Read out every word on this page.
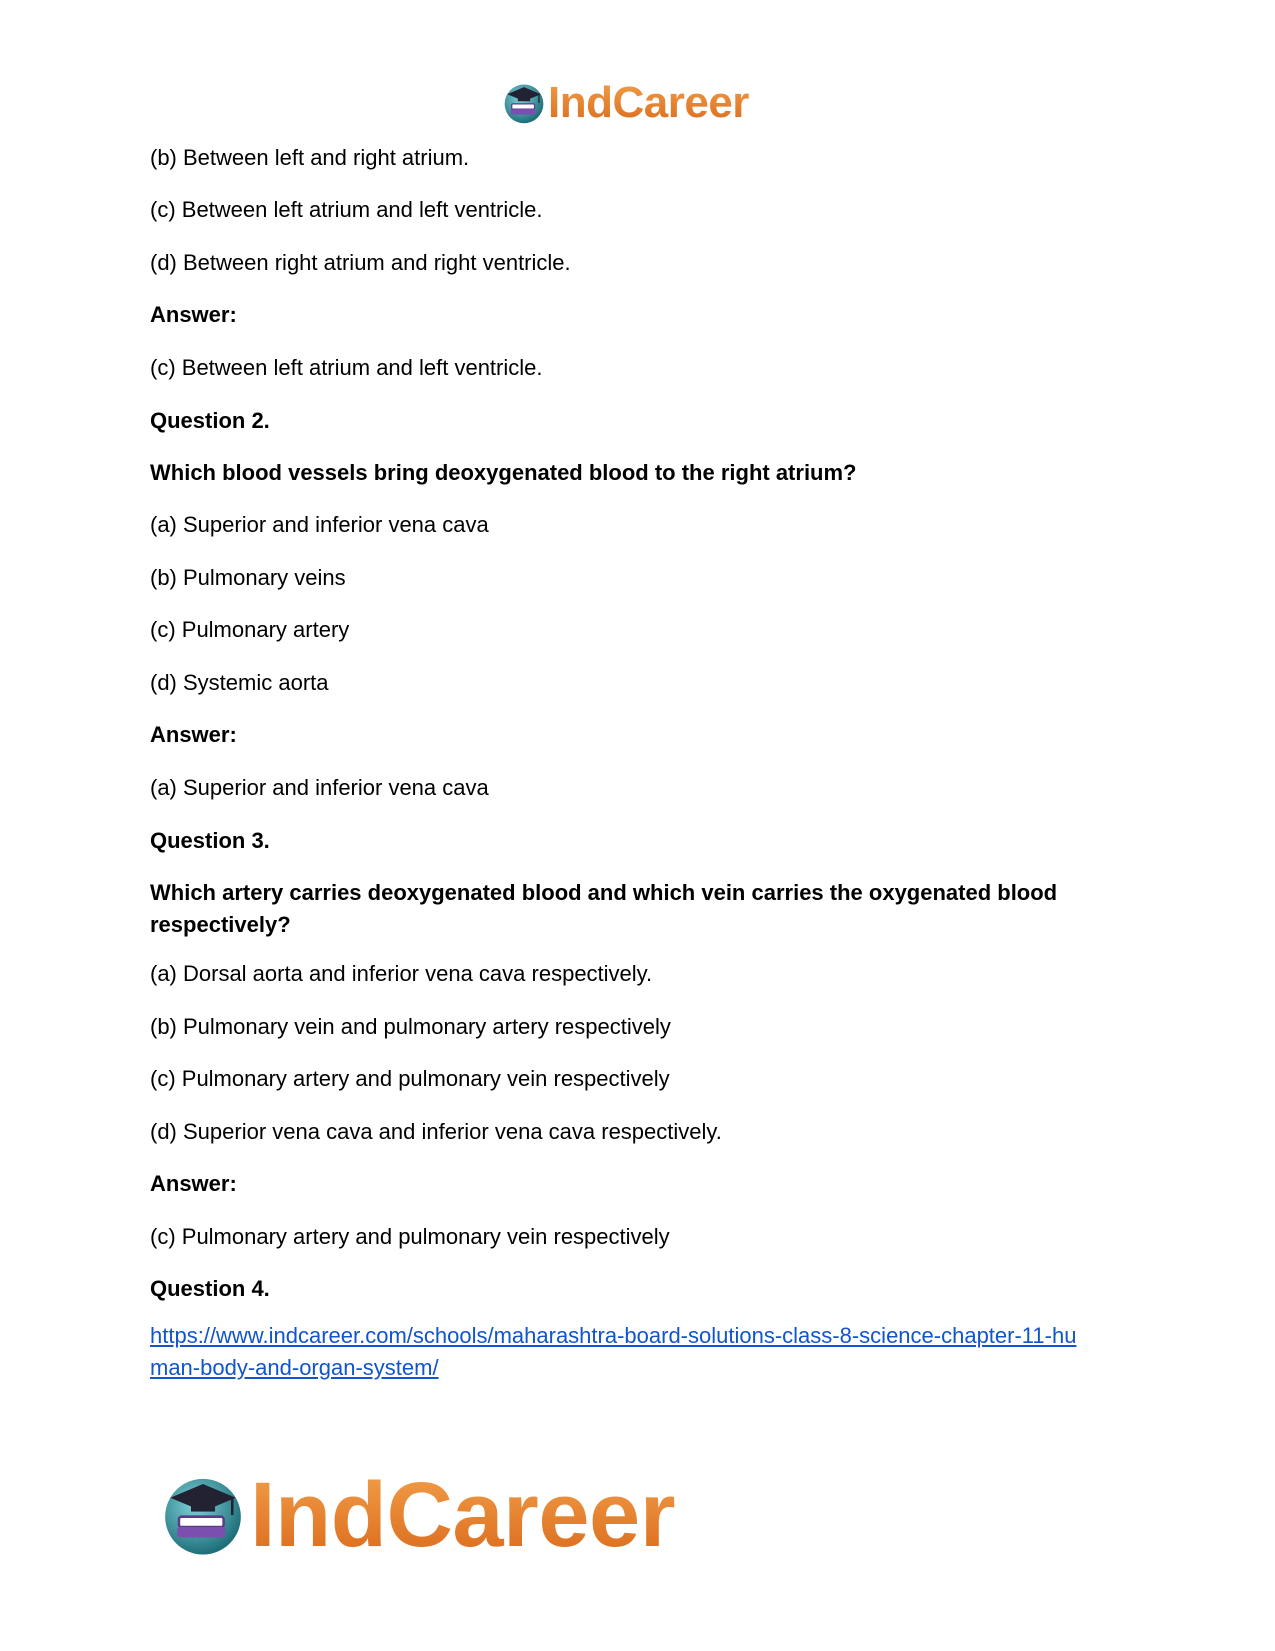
IndCareer

(b) Between left and right atrium.

(c) Between left atrium and left ventricle.

(d) Between right atrium and right ventricle.

Answer:

(c) Between left atrium and left ventricle.

Question 2.

Which blood vessels bring deoxygenated blood to the right atrium?

(a) Superior and inferior vena cava

(b) Pulmonary veins

(c) Pulmonary artery

(d) Systemic aorta

Answer:

(a) Superior and inferior vena cava

Question 3.

Which artery carries deoxygenated blood and which vein carries the oxygenated blood respectively?

(a) Dorsal aorta and inferior vena cava respectively.

(b) Pulmonary vein and pulmonary artery respectively

(c) Pulmonary artery and pulmonary vein respectively

(d) Superior vena cava and inferior vena cava respectively.

Answer:

(c) Pulmonary artery and pulmonary vein respectively

Question 4.

https://www.indcareer.com/schools/maharashtra-board-solutions-class-8-science-chapter-11-hu
man-body-and-organ-system/
IndCareer
